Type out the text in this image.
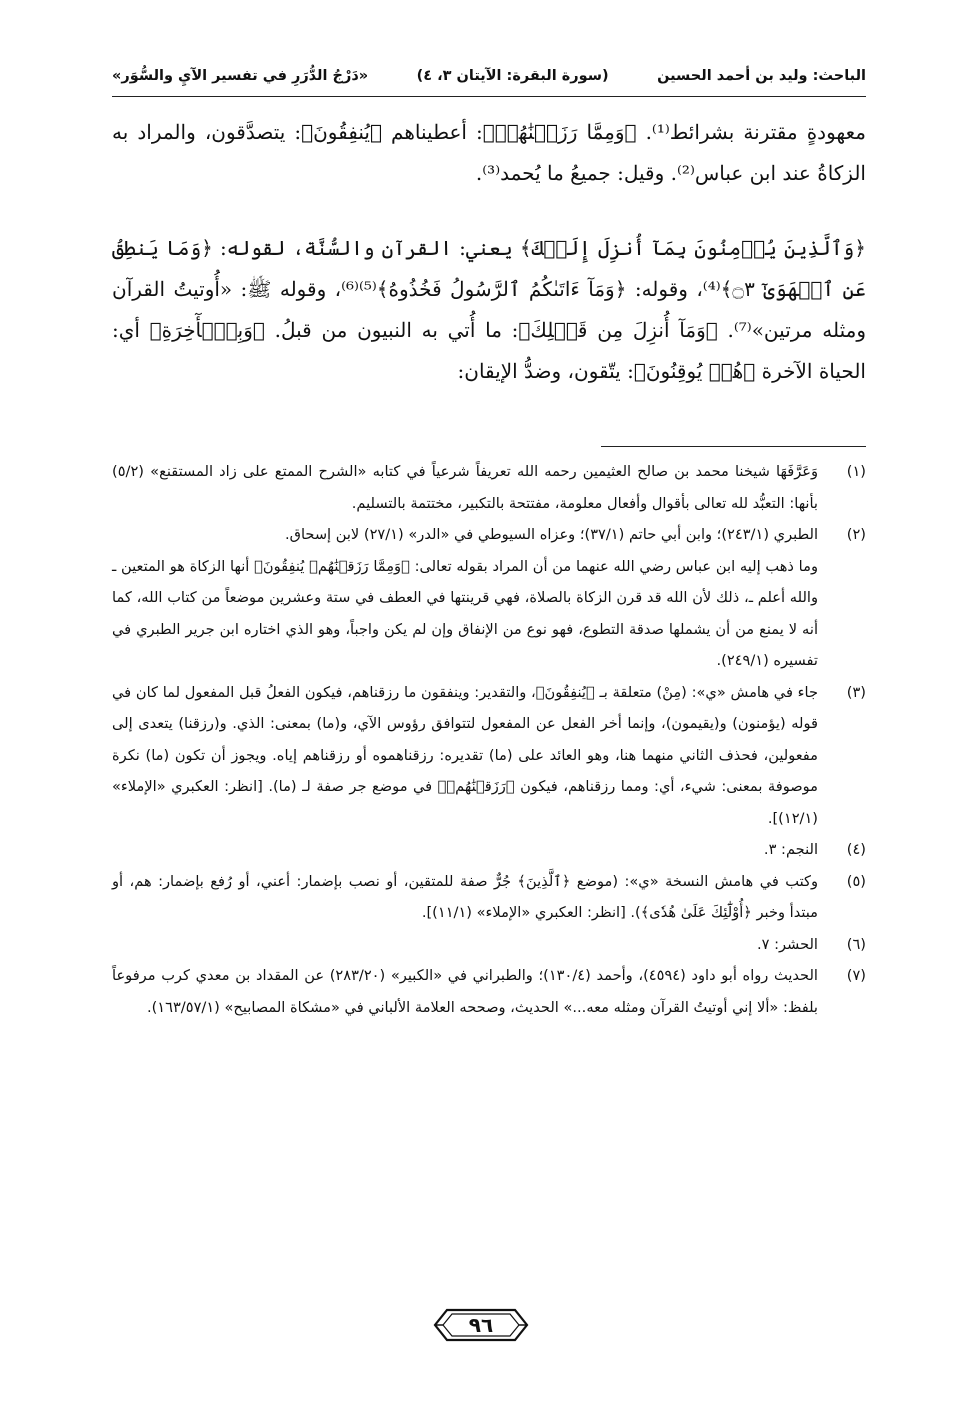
الباحث: وليد بن أحمد الحسين
(سورة البقرة: الآيتان ٣، ٤)
«دَرْجُ الدُّرَرِ في تفسير الآيِ والسُّوَر»

معهودةٍ مقترنة بشرائط⁽¹⁾. ﴿وَمِمَّا رَزَقۡنَٰهُمۡ﴾: أعطيناهم ﴿يُنفِقُونَ﴾: يتصدَّقون، والمراد به الزكاةُ عند ابن عباس⁽²⁾. وقيل: جميعُ ما يُحمد⁽³⁾.

﴿وَٱلَّذِينَ يُؤۡمِنُونَ بِمَآ أُنزِلَ إِلَيۡكَ﴾ يعني: القرآن والسُّنَّة، لقوله: ﴿وَمَا يَنطِقُ عَنِ ٱلۡهَوَىٰٓ ۝٣﴾⁽⁴⁾، وقوله: ﴿وَمَآ ءَاتَىٰكُمُ ٱلرَّسُولُ فَخُذُوهُ﴾⁽⁵⁾⁽⁶⁾، وقوله ﷺ: «أُوتيتُ القرآن ومثله مرتين»⁽⁷⁾. ﴿وَمَآ أُنزِلَ مِن قَبۡلِكَ﴾: ما أُتي به النبيون من قبلُ. ﴿وَبِٱلۡأٓخِرَةِ﴾ أي: الحياة الآخرة ﴿هُمۡ يُوقِنُونَ﴾: يتّقون، وضدُّ الإيقان:

(١)
وَعَرَّفَهَا شيخنا محمد بن صالح العثيمين رحمه الله تعريفاً شرعياً في كتابه «الشرح الممتع على زاد المستقنع» (٥/٢) بأنها: التعبُّد لله تعالى بأقوال وأفعال معلومة، مفتتحة بالتكبير، مختتمة بالتسليم.
(٢)
الطبري (٢٤٣/١)؛ وابن أبي حاتم (٣٧/١)؛ وعزاه السيوطي في «الدر» (٢٧/١) لابن إسحاق.
وما ذهب إليه ابن عباس رضي الله عنهما من أن المراد بقوله تعالى: ﴿وَمِمَّا رَزَقۡنَٰهُمۡ يُنفِقُونَ﴾ أنها الزكاة هو المتعين ـ والله أعلم ـ، ذلك لأن الله قد قرن الزكاة بالصلاة، فهي قرينتها في العطف في ستة وعشرين موضعاً من كتاب الله، كما أنه لا يمنع من أن يشملها صدقة التطوع، فهو نوع من الإنفاق وإن لم يكن واجباً، وهو الذي اختاره ابن جرير الطبري في تفسيره (٢٤٩/١).
(٣)
جاء في هامش «ي»: (مِنْ) متعلقة بـ ﴿يُنفِقُونَ﴾، والتقدير: وينفقون ما رزقناهم، فيكون الفعلُ قبل المفعول لما كان في قوله (يؤمنون) و(يقيمون)، وإنما أخر الفعل عن المفعول لتتوافق رؤوس الآي، و(ما) بمعنى: الذي. و(رزقنا) يتعدى إلى مفعولين، فحذف الثاني منهما هنا، وهو العائد على (ما) تقديره: رزقناهموه أو رزقناهم إياه. ويجوز أن تكون (ما) نكرة موصوفة بمعنى: شيء، أي: ومما رزقناهم، فيكون ﴿رَزَقۡنَٰهُمۡ﴾ في موضع جر صفة لـ (ما). [انظر: العكبري «الإملاء» (١٢/١)].
(٤)
النجم: ٣.
(٥)
وكتب في هامش النسخة «ي»: (موضع ﴿ٱلَّذِينَ﴾ جُرٌّ صفة للمتقين، أو نصب بإضمار: أعني، أو رُفع بإضمار: هم، أو مبتدأ وخبر ﴿أُوْلَٰٓئِكَ عَلَىٰ هُدٗى﴾). [انظر: العكبري «الإملاء» (١١/١)].
(٦)
الحشر: ٧.
(٧)
الحديث رواه أبو داود (٤٥٩٤)، وأحمد (١٣٠/٤)؛ والطبراني في «الكبير» (٢٨٣/٢٠) عن المقداد بن معدي كرب مرفوعاً بلفظ: «ألا إني أوتيتُ القرآن ومثله معه...» الحديث، وصححه العلامة الألباني في «مشكاة المصابيح» (١٦٣/٥٧/١).
٩٦
